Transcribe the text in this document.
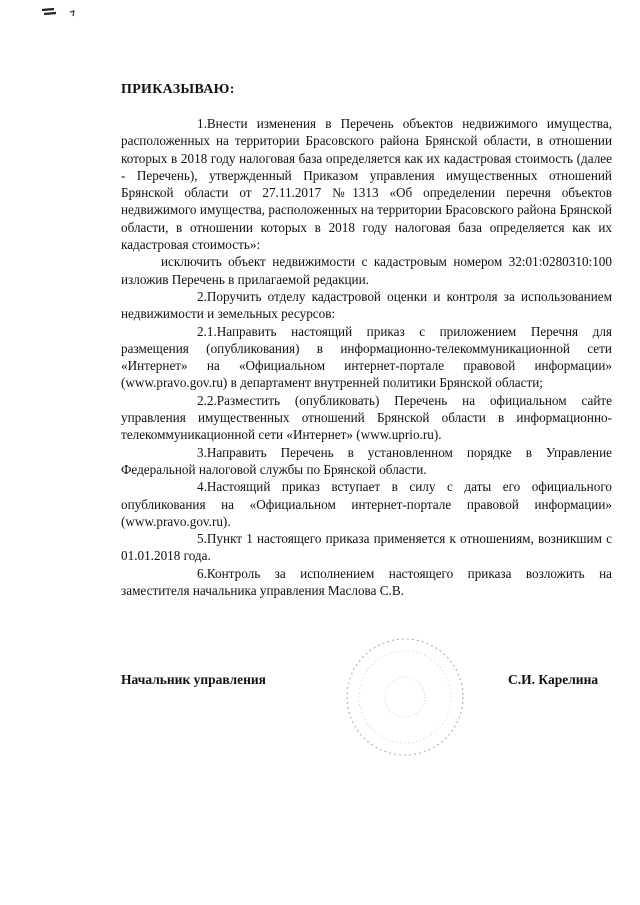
ПРИКАЗЫВАЮ:

1.Внести изменения в Перечень объектов недвижимого имущества, расположенных на территории Брасовского района Брянской области, в отношении которых в 2018 году налоговая база определяется как их кадастровая стоимость (далее - Перечень), утвержденный Приказом управления имущественных отношений Брянской области от 27.11.2017 №1313 «Об определении перечня объектов недвижимого имущества, расположенных на территории Брасовского района Брянской области, в отношении которых в 2018 году налоговая база определяется как их кадастровая стоимость»:

исключить объект недвижимости с кадастровым номером 32:01:0280310:100 изложив Перечень в прилагаемой редакции.

2.Поручить отделу кадастровой оценки и контроля за использованием недвижимости и земельных ресурсов:

2.1.Направить настоящий приказ с приложением Перечня для размещения (опубликования) в информационно-телекоммуникационной сети «Интернет» на «Официальном интернет-портале правовой информации» (www.pravo.gov.ru) в департамент внутренней политики Брянской области;

2.2.Разместить (опубликовать) Перечень на официальном сайте управления имущественных отношений Брянской области в информационно-телекоммуникационной сети «Интернет» (www.uprio.ru).

3.Направить Перечень в установленном порядке в Управление Федеральной налоговой службы по Брянской области.

4.Настоящий приказ вступает в силу с даты его официального опубликования на «Официальном интернет-портале правовой информации» (www.pravo.gov.ru).

5.Пункт 1 настоящего приказа применяется к отношениям, возникшим с 01.01.2018 года.

6.Контроль за исполнением настоящего приказа возложить на заместителя начальника управления Маслова С.В.

Начальник управления	С.И. Карелина
